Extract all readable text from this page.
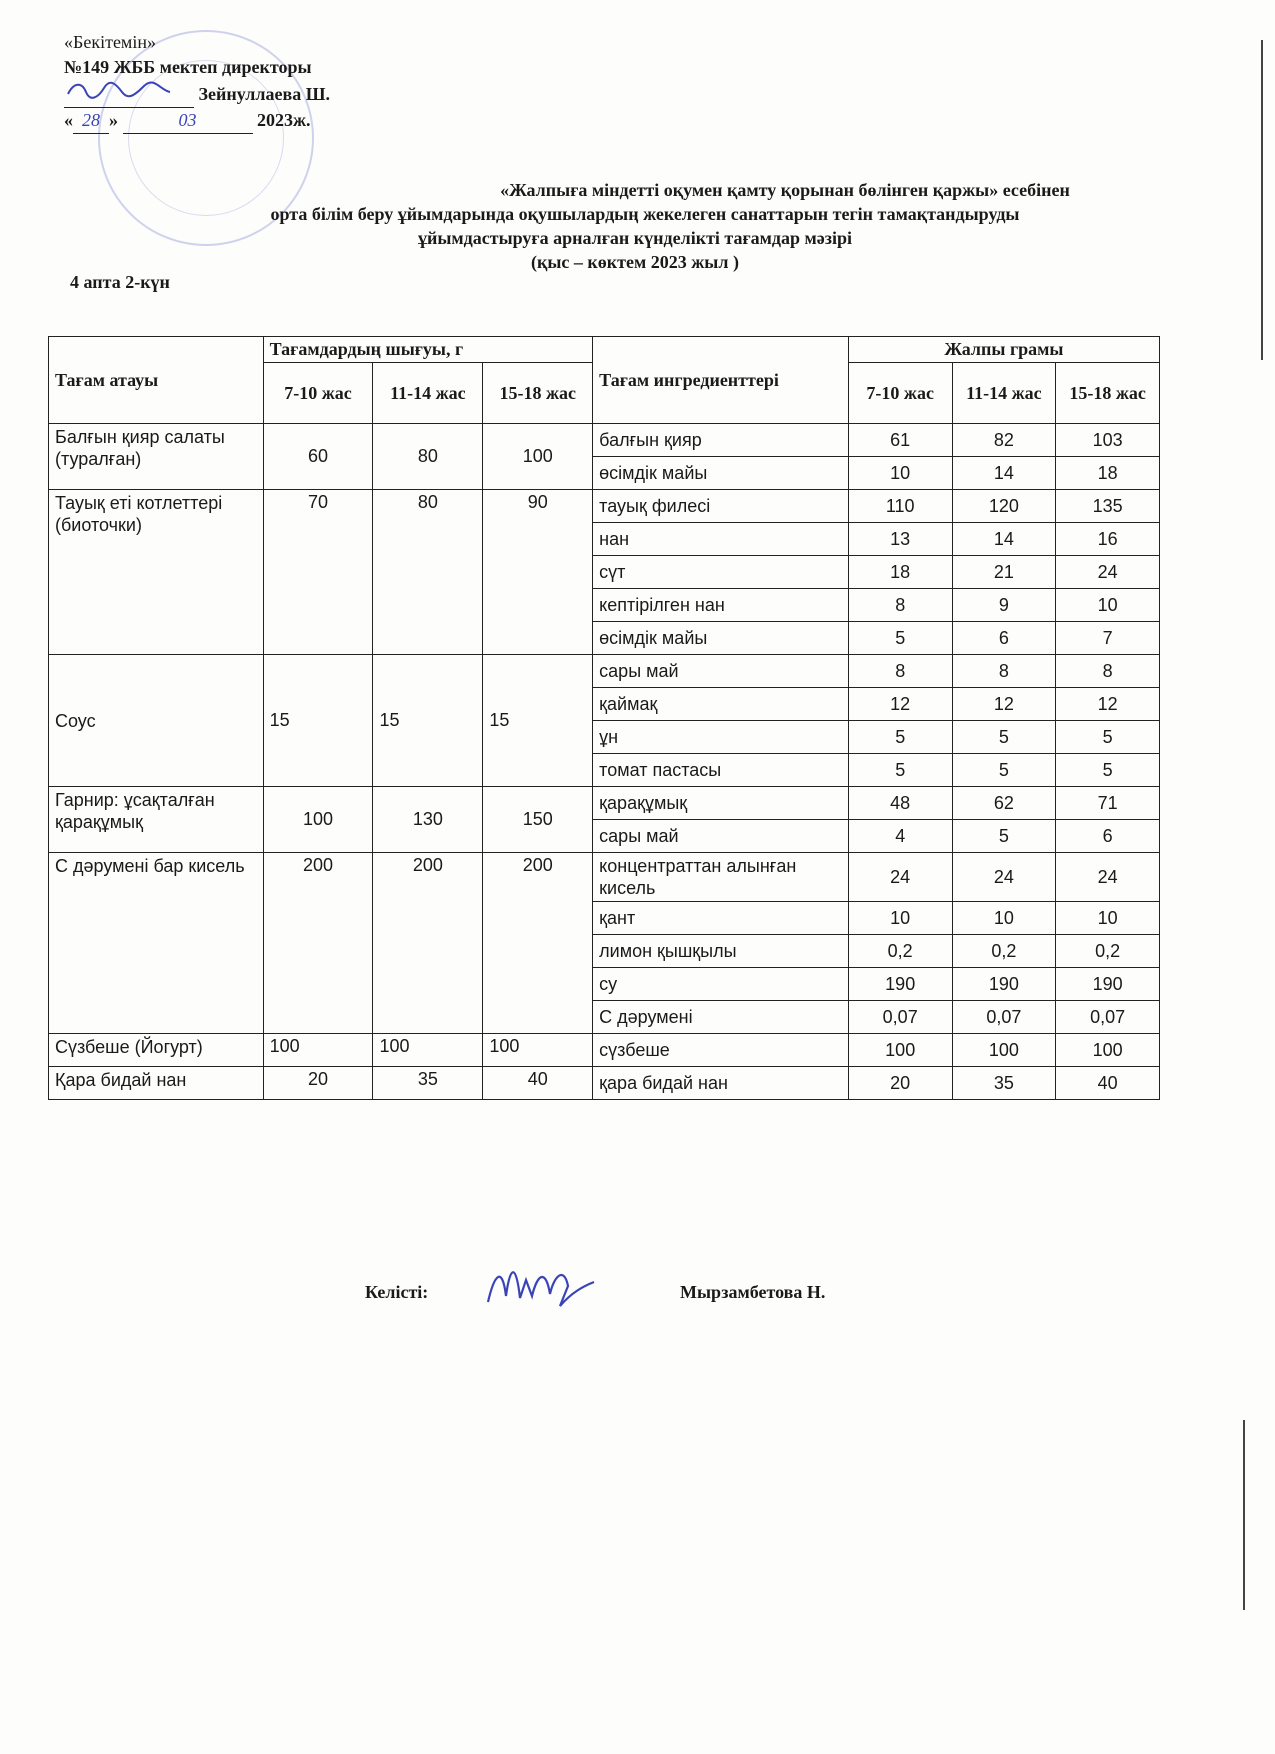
«Бекітемін»
№149 ЖББ мектеп директоры
Зейнуллаева Ш.
« 28 »	03	2023ж.
«Жалпыға міндетті оқумен қамту қорынан бөлінген қаржы» есебінен
орта білім беру ұйымдарында оқушылардың жекелеген санаттарын тегін тамақтандыруды
ұйымдастыруға арналған күнделікті тағамдар мәзірі
(қыс – көктем 2023 жыл )
4 апта 2-күн
Тағам атауы	Тағамдардың шығуы, г			Тағам ингредиенттері	Жалпы грамы		
	7-10 жас	11-14 жас	15-18 жас		7-10 жас	11-14 жас	15-18 жас
Балғын қияр салаты (туралған)	60	80	100	балғын қияр	61	82	103
				өсімдік майы	10	14	18
Тауық еті котлеттері (биоточки)	70	80	90	тауық филесі	110	120	135
				нан	13	14	16
				сүт	18	21	24
				кептірілген нан	8	9	10
				өсімдік майы	5	6	7
Соус	15	15	15	сары май	8	8	8
				қаймақ	12	12	12
				ұн	5	5	5
				томат пастасы	5	5	5
Гарнир: ұсақталған қарақұмық	100	130	150	қарақұмық	48	62	71
				сары май	4	5	6
С дәрумені бар кисель	200	200	200	концентраттан алынған кисель	24	24	24
				қант	10	10	10
				лимон қышқылы	0,2	0,2	0,2
				су	190	190	190
				С дәрумені	0,07	0,07	0,07
Сүзбеше (Йогурт)	100	100	100	сүзбеше	100	100	100
Қара бидай нан	20	35	40	қара бидай нан	20	35	40
Келісті:	Мырзамбетова Н.
